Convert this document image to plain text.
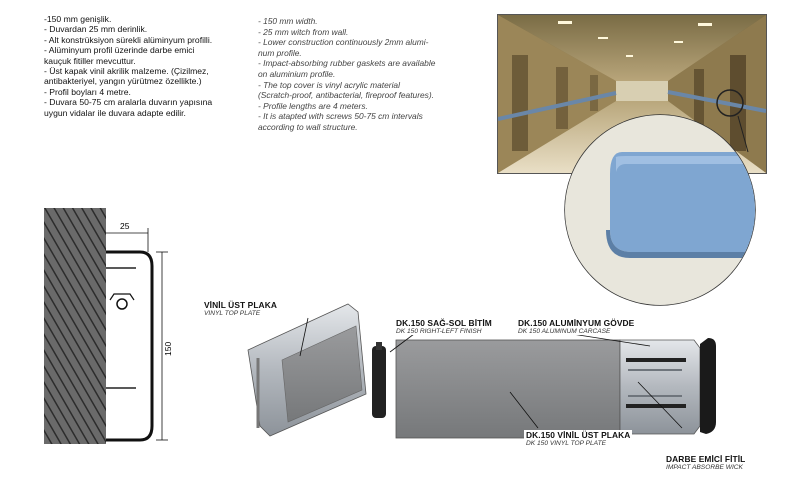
-150 mm genişlik.
- Duvardan 25 mm derinlik.
- Alt konstrüksiyon sürekli alüminyum profilli.
- Alüminyum profil üzerinde darbe emici
kauçuk fitiller mevcuttur.
- Üst kapak vinil akrilik malzeme. (Çizilmez,
antibakteriyel, yangın yürütmez özellikte.)
- Profil boyları 4 metre.
- Duvara 50-75 cm aralarla duvarın yapısına
uygun vidalar ile duvara adapte edilir.
- 150 mm width.
- 25 mm witch from wall.
- Lower construction continuously 2mm alumi-
num profile.
- Impact-absorbing rubber gaskets are available
on aluminium profile.
- The top cover is vinyl acrylic material
(Scratch-proof, antibacterial, fireproof features).
- Profile lengths are 4 meters.
- It is atapted with screws 50-75 cm intervals
according to wall structure.
25
150
VİNİL ÜST PLAKA
VINYL TOP PLATE
DK.150 SAĞ-SOL BİTİM
DK 150 RIGHT-LEFT FINISH
DK.150 ALUMİNYUM GÖVDE
DK 150 ALUMINUM CARCASE
DK.150 VİNİL ÜST PLAKA
DK 150 VINYL TOP PLATE
DARBE EMİCİ FİTİL
IMPACT ABSORBE WICK
